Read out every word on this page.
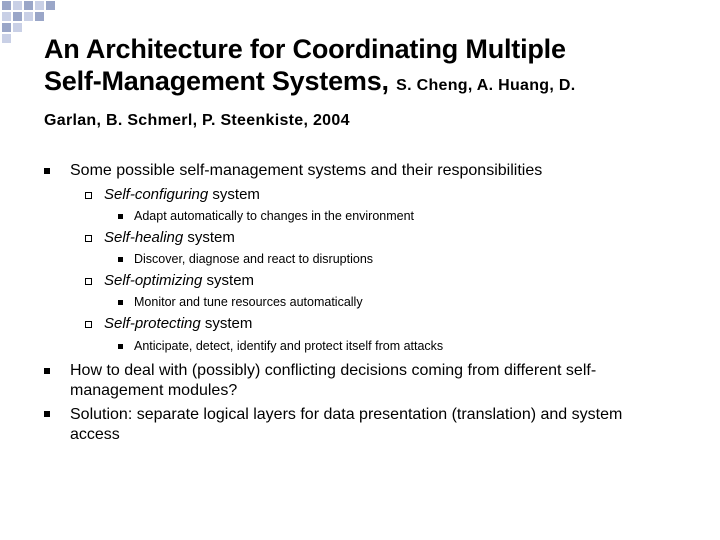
An Architecture for Coordinating Multiple
Self-Management Systems, S. Cheng, A. Huang, D.
Garlan, B. Schmerl, P. Steenkiste, 2004
Some possible self-management systems and their responsibilities
Self-configuring system
Adapt automatically to changes in the environment
Self-healing system
Discover, diagnose and react to disruptions
Self-optimizing system
Monitor and tune resources automatically
Self-protecting system
Anticipate, detect, identify and protect itself from attacks
How to deal with (possibly) conflicting decisions coming from different self-management modules?
Solution: separate logical layers for data presentation (translation) and system access
